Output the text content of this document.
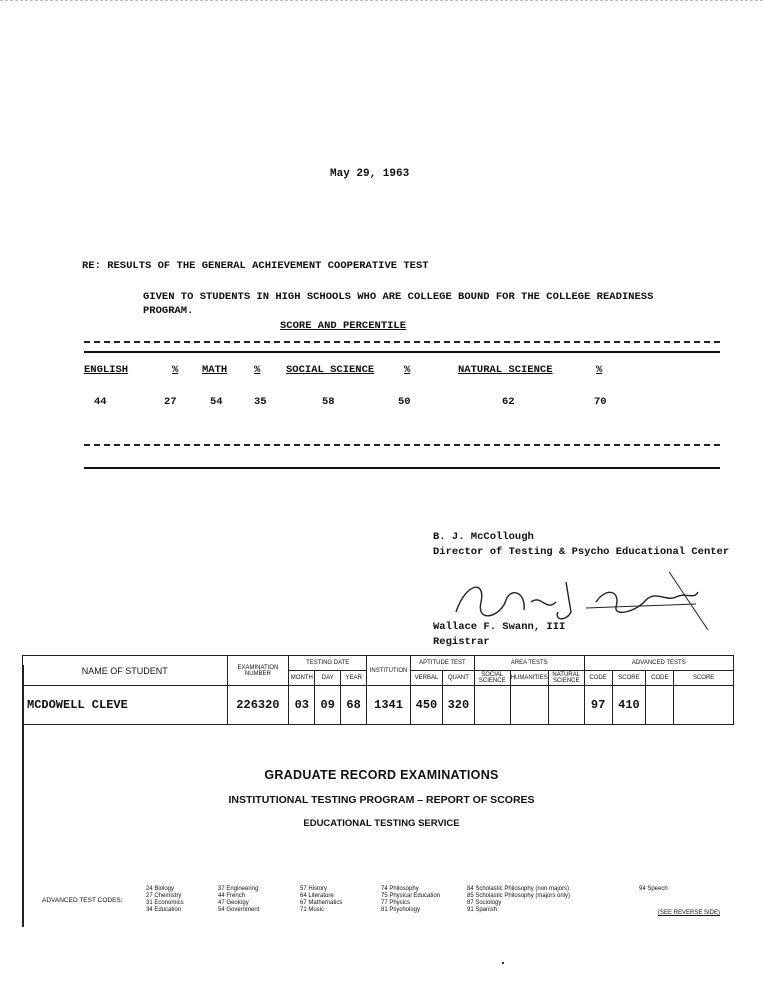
May 29, 1963
RE: RESULTS OF THE GENERAL ACHIEVEMENT COOPERATIVE TEST
GIVEN TO STUDENTS IN HIGH SCHOOLS WHO ARE COLLEGE BOUND FOR THE COLLEGE READINESS PROGRAM.
SCORE AND PERCENTILE
ENGLISH	% MATH	% SOCIAL SCIENCE	%	NATURAL SCIENCE	%
44	27	54	35	58	50	62	70
B. J. McCollough
Director of Testing & Psycho Educational Center
Wallace F. Swann, III
Registrar
NAME OF STUDENT	EXAMINATION NUMBER	TESTING DATE			INSTITUTION	APTITUDE TEST		AREA TESTS			ADVANCED TESTS			
		MONTH	DAY	YEAR		VERBAL	QUANT	SOCIAL SCIENCE	HUMANITIES	NATURAL SCIENCE	CODE	SCORE	CODE	SCORE
MCDOWELL CLEVE	226320	03	09	68	1341	450	320				97	410		
GRADUATE RECORD EXAMINATIONS
INSTITUTIONAL TESTING PROGRAM – REPORT OF SCORES
EDUCATIONAL TESTING SERVICE
ADVANCED TEST CODES:
24 Biology
27 Chemistry
31 Economics
34 Education
37 Engineering
44 French
47 Geology
54 Government
57 History
64 Literature
67 Mathematics
71 Music
74 Philosophy
75 Physical Education
77 Physics
81 Psychology
84 Scholastic Philosophy (non majors)
85 Scholastic Philosophy (majors only)
87 Sociology
91 Spanish
94 Speech
(SEE REVERSE SIDE)
